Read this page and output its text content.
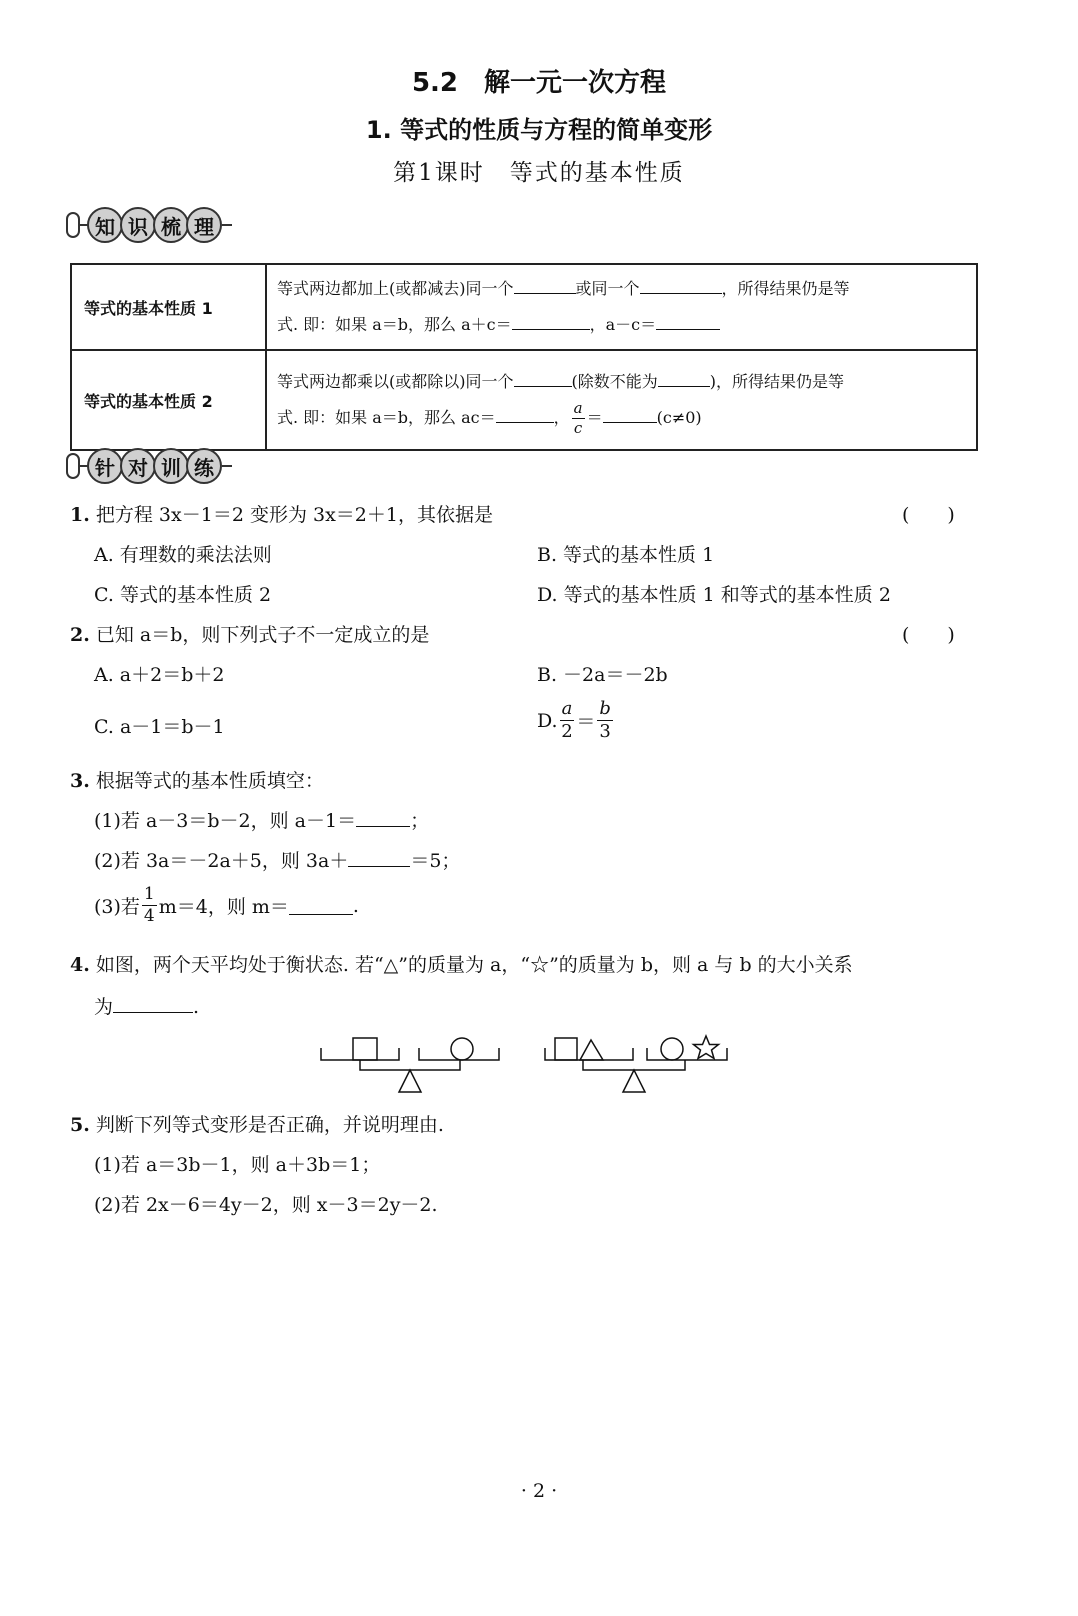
5.2　解一元一次方程
1. 等式的性质与方程的简单变形
第1课时　等式的基本性质
知 识 梳 理
等式的基本性质 1	等式两边都加上(或都减去)同一个 或同一个 ，所得结果仍是等
式. 即：如果 a＝b，那么 a＋c＝ ，a－c＝
等式的基本性质 2	等式两边都乘以(或都除以)同一个 (除数不能为 )，所得结果仍是等
式. 即：如果 a＝b，那么 ac＝ ， $\frac{a}{c} = (c\ne 0)$
针 对 训 练
1. 把方程 3x－1＝2 变形为 3x＝2＋1，其依据是	(　　)
A. 有理数的乘法法则	B. 等式的基本性质 1
C. 等式的基本性质 2	D. 等式的基本性质 1 和等式的基本性质 2
2. 已知 a＝b，则下列式子不一定成立的是	(　　)
A. a＋2＝b＋2	B. －2a＝－2b
C. a－1＝b－1	D. $\frac{a}{2} = \frac{b}{3}$
3. 根据等式的基本性质填空：
(1)若 a－3＝b－2，则 a－1＝	；
(2)若 3a＝－2a＋5，则 3a＋	＝5；
(3)若 $\frac{1}{4} m=4$，则 m＝	.
4. 如图，两个天平均处于衡状态. 若“△”的质量为 a，“☆”的质量为 b，则 a 与 b 的大小关系
为	.
5. 判断下列等式变形是否正确，并说明理由.
(1)若 a＝3b－1，则 a＋3b＝1；
(2)若 2x－6＝4y－2，则 x－3＝2y－2.
· 2 ·
